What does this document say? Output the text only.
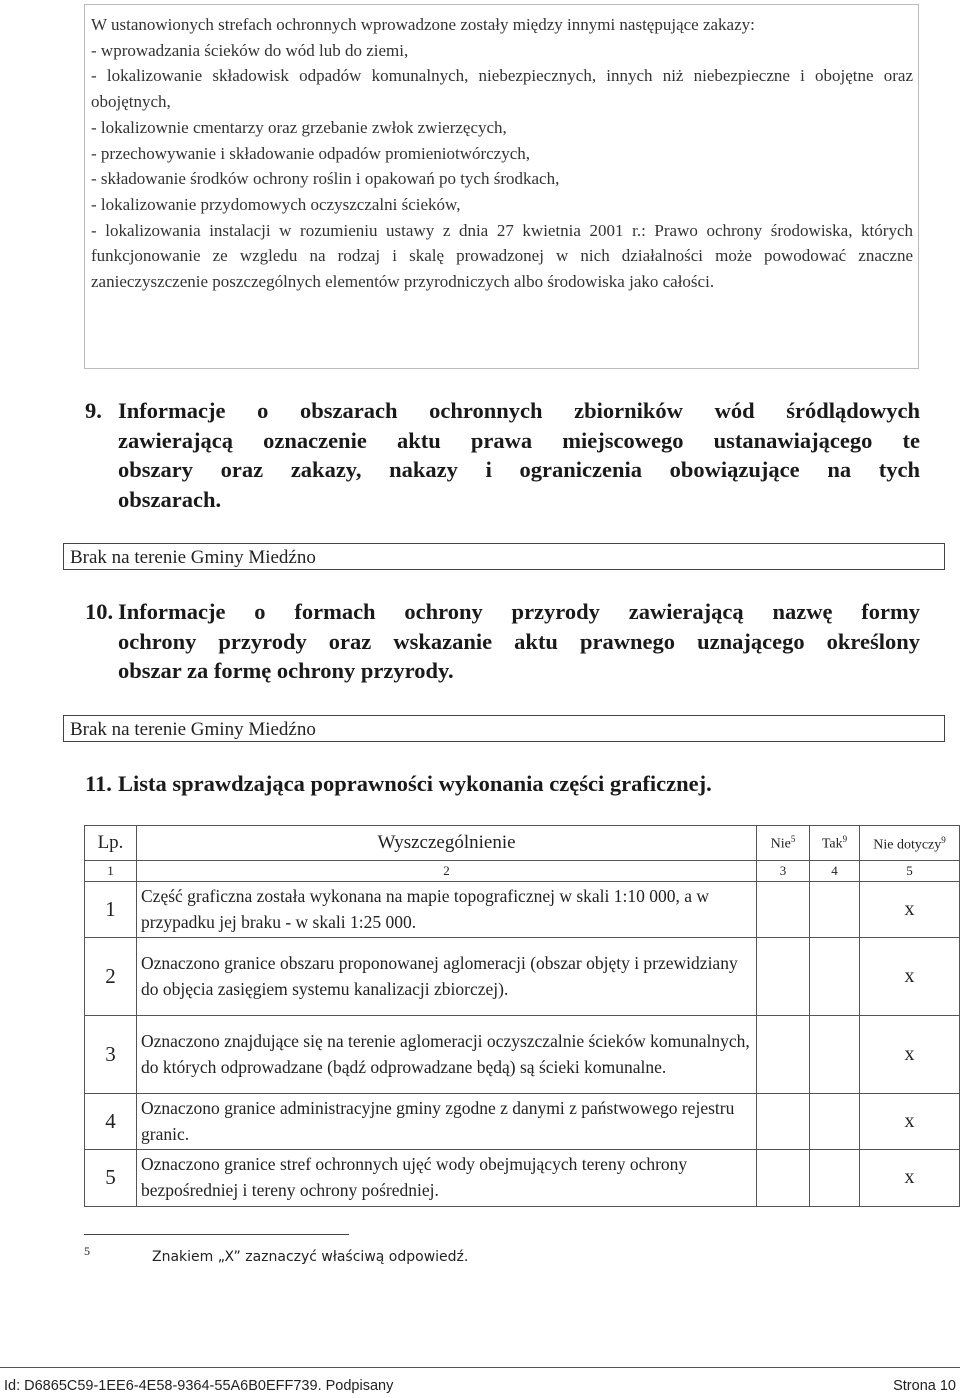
W ustanowionych strefach ochronnych wprowadzone zostały między innymi następujące zakazy:

- wprowadzania ścieków do wód lub do ziemi,

- lokalizowanie składowisk odpadów komunalnych, niebezpiecznych, innych niż niebezpieczne i obojętne oraz obojętnych,

- lokalizownie cmentarzy oraz grzebanie zwłok zwierzęcych,

- przechowywanie i składowanie odpadów promieniotwórczych,

- składowanie środków ochrony roślin i opakowań po tych środkach,

- lokalizowanie przydomowych oczyszczalni ścieków,

- lokalizowania instalacji w rozumieniu ustawy z dnia 27 kwietnia 2001 r.: Prawo ochrony środowiska, których funkcjonowanie ze wzgledu na rodzaj i skalę prowadzonej w nich działalności może powodować znaczne zanieczyszczenie poszczególnych elementów przyrodniczych albo środowiska jako całości.

9. Informacje o obszarach ochronnych zbiorników wód śródlądowych
zawierającą oznaczenie aktu prawa miejscowego ustanawiającego te
obszary oraz zakazy, nakazy i ograniczenia obowiązujące na tych
obszarach.
Brak na terenie Gminy Miedźno
10. Informacje o formach ochrony przyrody zawierającą nazwę formy
ochrony przyrody oraz wskazanie aktu prawnego uznającego określony
obszar za formę ochrony przyrody.
Brak na terenie Gminy Miedźno
11. Lista sprawdzająca poprawności wykonania części graficznej.
Lp.	Wyszczególnienie	Nie$^5$	Tak$^9$	Nie dotyczy$^9$
1	2	3	4	5
1	Część graficzna została wykonana na mapie topograficznej w skali 1:10 000, a w przypadku jej braku - w skali 1:25 000.			x
2	Oznaczono granice obszaru proponowanej aglomeracji (obszar objęty i przewidziany do objęcia zasięgiem systemu kanalizacji zbiorczej).			x
3	Oznaczono znajdujące się na terenie aglomeracji oczyszczalnie ścieków komunalnych, do których odprowadzane (bądź odprowadzane będą) są ścieki komunalne.			x
4	Oznaczono granice administracyjne gminy zgodne z danymi z państwowego rejestru granic.			x
5	Oznaczono granice stref ochronnych ujęć wody obejmujących tereny ochrony bezpośredniej i tereny ochrony pośredniej.			x
5	Znakiem „X” zaznaczyć właściwą odpowiedź.
Id: D6865C59-1EE6-4E58-9364-55A6B0EFF739. Podpisany	Strona 10
